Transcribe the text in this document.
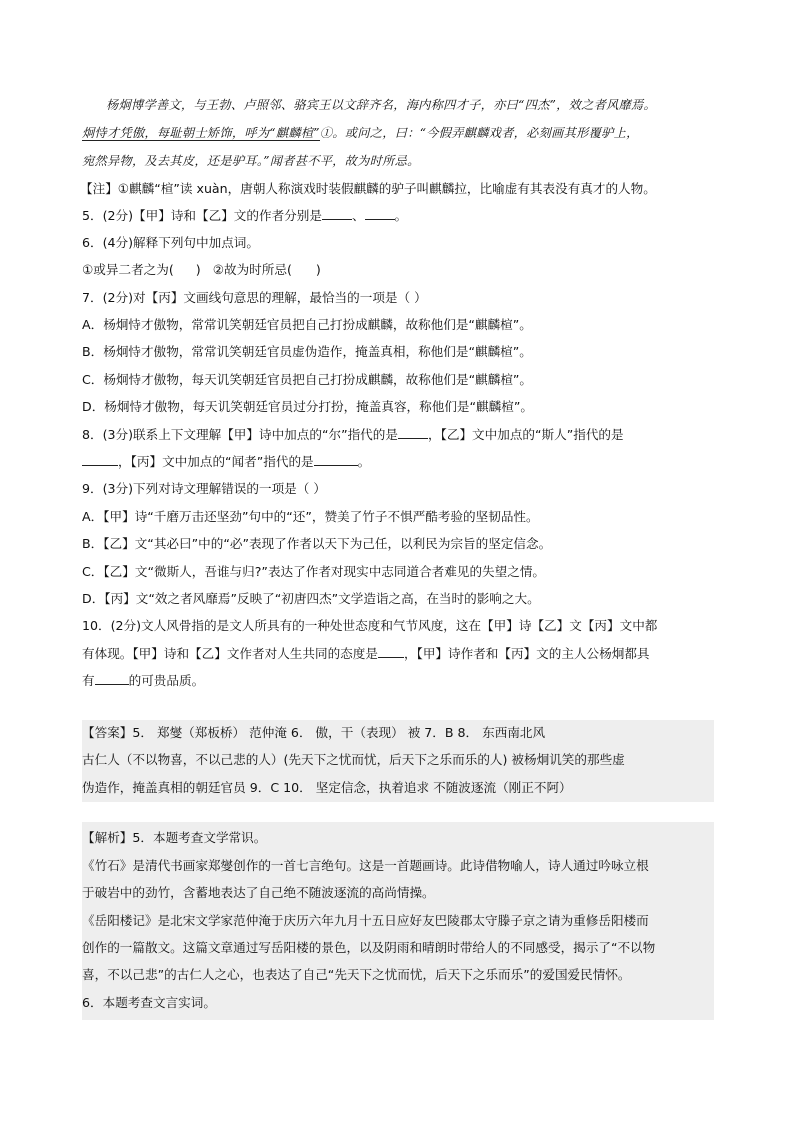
杨炯博学善文，与王勃、卢照邻、骆宾王以文辞齐名，海内称四才子，亦曰“四杰”，效之者风靡焉。
炯恃才凭傲，每耻朝士矫饰，呼为“麒麟楦”①。或问之，曰：“今假弄麒麟戏者，必刻画其形覆驴上，
宛然异物，及去其皮，还是驴耳。”闻者甚不平，故为时所忌。
【注】①麒麟“楦”读 xuàn，唐朝人称演戏时装假麒麟的驴子叫麒麟拉，比喻虚有其表没有真才的人物。
5．(2分)【甲】诗和【乙】文的作者分别是 、 。
6．(4分)解释下列句中加点词。
①或异二者之为( ) ②故为时所忌( )
7．(2分)对【丙】文画线句意思的理解，最恰当的一项是（ ）
A．杨炯恃才傲物，常常讥笑朝廷官员把自己打扮成麒麟，故称他们是“麒麟楦”。
B．杨炯恃才傲物，常常讥笑朝廷官员虚伪造作，掩盖真相，称他们是“麒麟楦”。
C．杨炯恃才傲物，每天讥笑朝廷官员把自己打扮成麒麟，故称他们是“麒麟楦”。
D．杨炯恃才傲物，每天讥笑朝廷官员过分打扮，掩盖真容，称他们是“麒麟楦”。
8．(3分)联系上下文理解【甲】诗中加点的“尔”指代的是 ，【乙】文中加点的“斯人”指代的是
，【丙】文中加点的“闻者”指代的是	。
9．(3分)下列对诗文理解错误的一项是（ ）
A．【甲】诗“千磨万击还坚劲”句中的“还”，赞美了竹子不惧严酷考验的坚韧品性。
B．【乙】文“其必曰”中的“必”表现了作者以天下为己任，以利民为宗旨的坚定信念。
C．【乙】文“微斯人，吾谁与归?”表达了作者对现实中志同道合者难见的失望之情。
D．【丙】文“效之者风靡焉”反映了“初唐四杰”文学造诣之高，在当时的影响之大。
10．(2分)文人风骨指的是文人所具有的一种处世态度和气节风度，这在【甲】诗【乙】文【丙】文中都
有体现。【甲】诗和【乙】文作者对人生共同的态度是 ，【甲】诗作者和【丙】文的主人公杨炯都具
有	的可贵品质。
【答案】5． 郑燮（郑板桥） 范仲淹 6． 傲，干（表现） 被 7．B 8． 东西南北风
古仁人（不以物喜，不以己悲的人）(先天下之忧而忧，后天下之乐而乐的人) 被杨炯讥笑的那些虚
伪造作，掩盖真相的朝廷官员 9．C 10． 坚定信念，执着追求 不随波逐流（刚正不阿）
【解析】5．本题考查文学常识。
《竹石》是清代书画家郑燮创作的一首七言绝句。这是一首题画诗。此诗借物喻人，诗人通过吟咏立根
于破岩中的劲竹，含蓄地表达了自己绝不随波逐流的高尚情操。
《岳阳楼记》是北宋文学家范仲淹于庆历六年九月十五日应好友巴陵郡太守滕子京之请为重修岳阳楼而
创作的一篇散文。这篇文章通过写岳阳楼的景色，以及阴雨和晴朗时带给人的不同感受，揭示了“不以物
喜，不以己悲”的古仁人之心，也表达了自己“先天下之忧而忧，后天下之乐而乐”的爱国爱民情怀。
6．本题考查文言实词。
